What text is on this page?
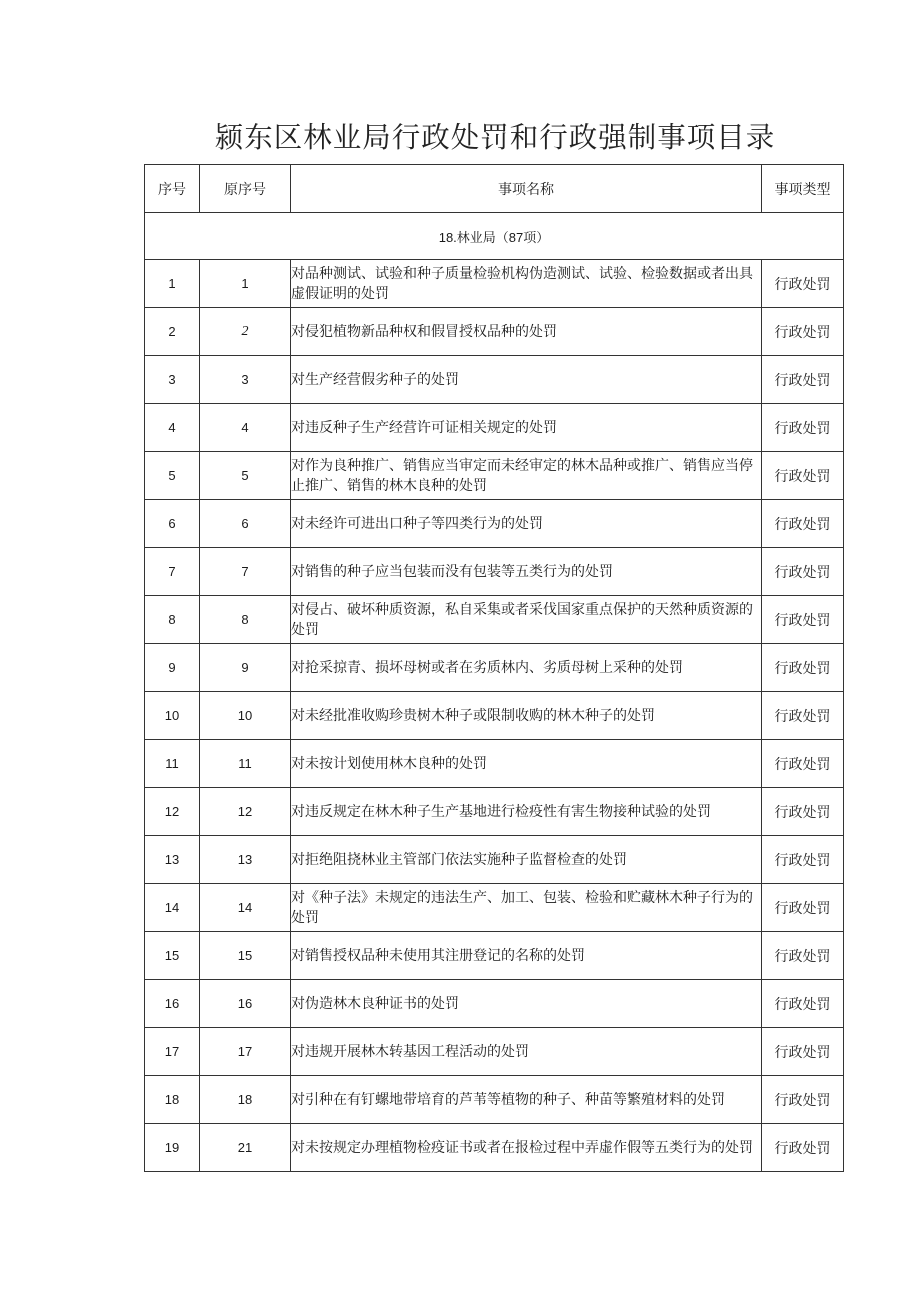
颍东区林业局行政处罚和行政强制事项目录
序号	原序号	事项名称	事项类型
18.林业局（87项）			
1	1	对品种测试、试验和种子质量检验机构伪造测试、试验、检验数据或者出具虚假证明的处罚	行政处罚
2	2	对侵犯植物新品种权和假冒授权品种的处罚	行政处罚
3	3	对生产经营假劣种子的处罚	行政处罚
4	4	对违反种子生产经营许可证相关规定的处罚	行政处罚
5	5	对作为良种推广、销售应当审定而未经审定的林木品种或推广、销售应当停止推广、销售的林木良种的处罚	行政处罚
6	6	对未经许可进出口种子等四类行为的处罚	行政处罚
7	7	对销售的种子应当包装而没有包装等五类行为的处罚	行政处罚
8	8	对侵占、破坏种质资源，私自采集或者采伐国家重点保护的天然种质资源的处罚	行政处罚
9	9	对抢采掠青、损坏母树或者在劣质林内、劣质母树上采种的处罚	行政处罚
10	10	对未经批准收购珍贵树木种子或限制收购的林木种子的处罚	行政处罚
11	11	对未按计划使用林木良种的处罚	行政处罚
12	12	对违反规定在林木种子生产基地进行检疫性有害生物接种试验的处罚	行政处罚
13	13	对拒绝阻挠林业主管部门依法实施种子监督检查的处罚	行政处罚
14	14	对《种子法》未规定的违法生产、加工、包装、检验和贮藏林木种子行为的处罚	行政处罚
15	15	对销售授权品种未使用其注册登记的名称的处罚	行政处罚
16	16	对伪造林木良种证书的处罚	行政处罚
17	17	对违规开展林木转基因工程活动的处罚	行政处罚
18	18	对引种在有钉螺地带培育的芦苇等植物的种子、种苗等繁殖材料的处罚	行政处罚
19	21	对未按规定办理植物检疫证书或者在报检过程中弄虚作假等五类行为的处罚	行政处罚
